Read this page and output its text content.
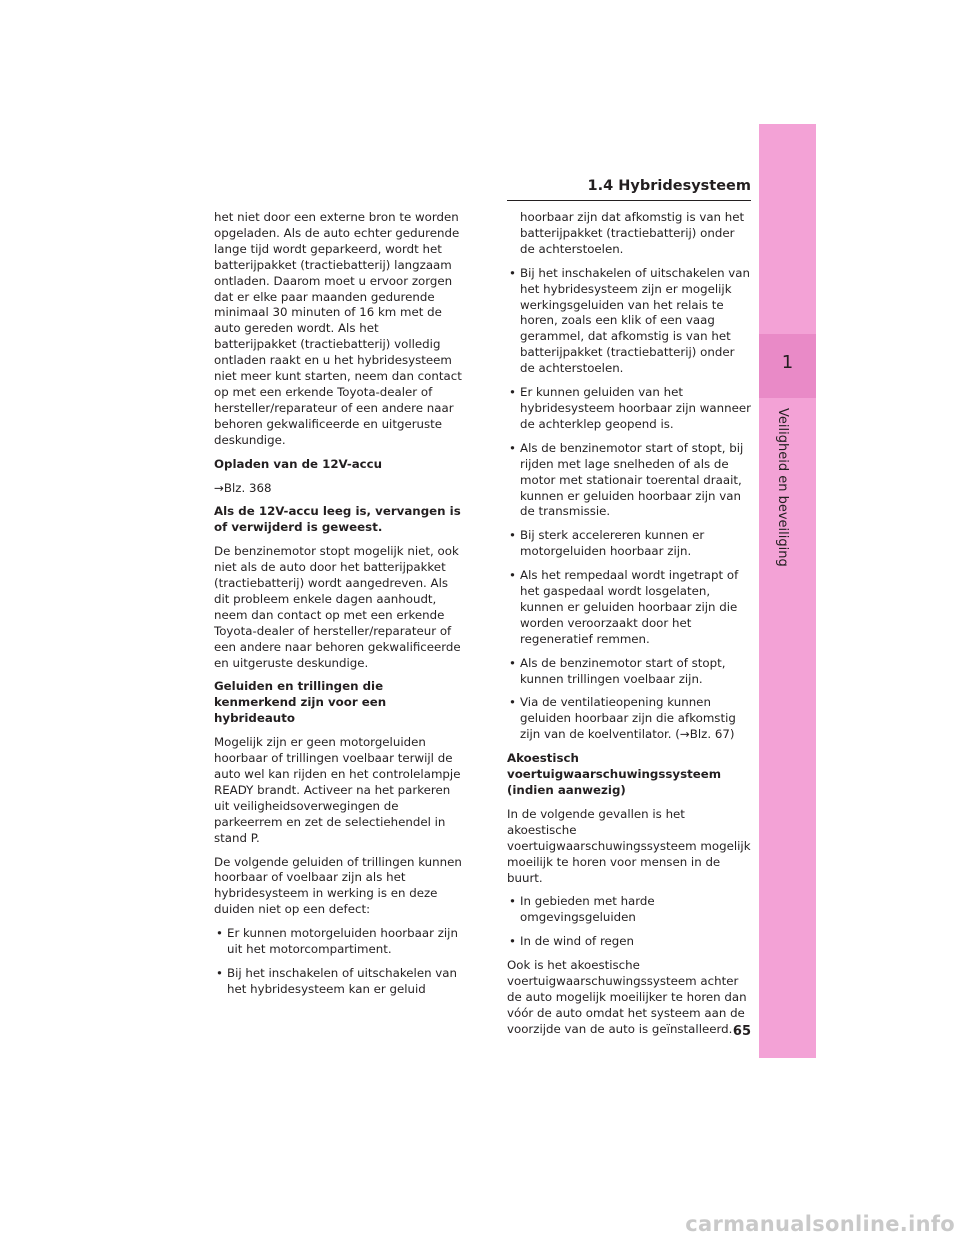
1
Veiligheid en beveiliging
1.4 Hybridesysteem

het niet door een externe bron te worden opgeladen. Als de auto echter gedurende lange tijd wordt geparkeerd, wordt het batterijpakket (tractiebatterij) langzaam ontladen. Daarom moet u ervoor zorgen dat er elke paar maanden gedurende minimaal 30 minuten of 16 km met de auto gereden wordt. Als het batterijpakket (tractiebatterij) volledig ontladen raakt en u het hybridesysteem niet meer kunt starten, neem dan contact op met een erkende Toyota-dealer of hersteller/reparateur of een andere naar behoren gekwalificeerde en uitgeruste deskundige.

Opladen van de 12V-accu

→Blz. 368

Als de 12V-accu leeg is, vervangen is of verwijderd is geweest.

De benzinemotor stopt mogelijk niet, ook niet als de auto door het batterijpakket (tractiebatterij) wordt aangedreven. Als dit probleem enkele dagen aanhoudt, neem dan contact op met een erkende Toyota-dealer of hersteller/reparateur of een andere naar behoren gekwalificeerde en uitgeruste deskundige.

Geluiden en trillingen die kenmerkend zijn voor een hybrideauto

Mogelijk zijn er geen motorgeluiden hoorbaar of trillingen voelbaar terwijl de auto wel kan rijden en het controlelampje READY brandt. Activeer na het parkeren uit veiligheidsoverwegingen de parkeerrem en zet de selectiehendel in stand P.

De volgende geluiden of trillingen kunnen hoorbaar of voelbaar zijn als het hybridesysteem in werking is en deze duiden niet op een defect:

• Er kunnen motorgeluiden hoorbaar zijn uit het motorcompartiment.
• Bij het inschakelen of uitschakelen van het hybridesysteem kan er geluid
hoorbaar zijn dat afkomstig is van het batterijpakket (tractiebatterij) onder de achterstoelen.
• Bij het inschakelen of uitschakelen van het hybridesysteem zijn er mogelijk werkingsgeluiden van het relais te horen, zoals een klik of een vaag gerammel, dat afkomstig is van het batterijpakket (tractiebatterij) onder de achterstoelen.
• Er kunnen geluiden van het hybridesysteem hoorbaar zijn wanneer de achterklep geopend is.
• Als de benzinemotor start of stopt, bij rijden met lage snelheden of als de motor met stationair toerental draait, kunnen er geluiden hoorbaar zijn van de transmissie.
• Bij sterk accelereren kunnen er motorgeluiden hoorbaar zijn.
• Als het rempedaal wordt ingetrapt of het gaspedaal wordt losgelaten, kunnen er geluiden hoorbaar zijn die worden veroorzaakt door het regeneratief remmen.
• Als de benzinemotor start of stopt, kunnen trillingen voelbaar zijn.
• Via de ventilatieopening kunnen geluiden hoorbaar zijn die afkomstig zijn van de koelventilator. (→Blz. 67)

Akoestisch voertuigwaarschuwingssysteem (indien aanwezig)

In de volgende gevallen is het akoestische voertuigwaarschuwingssysteem mogelijk moeilijk te horen voor mensen in de buurt.

• In gebieden met harde omgevingsgeluiden
• In de wind of regen

Ook is het akoestische voertuigwaarschuwingssysteem achter de auto mogelijk moeilijker te horen dan vóór de auto omdat het systeem aan de voorzijde van de auto is geïnstalleerd. 65
carmanualsonline.info
